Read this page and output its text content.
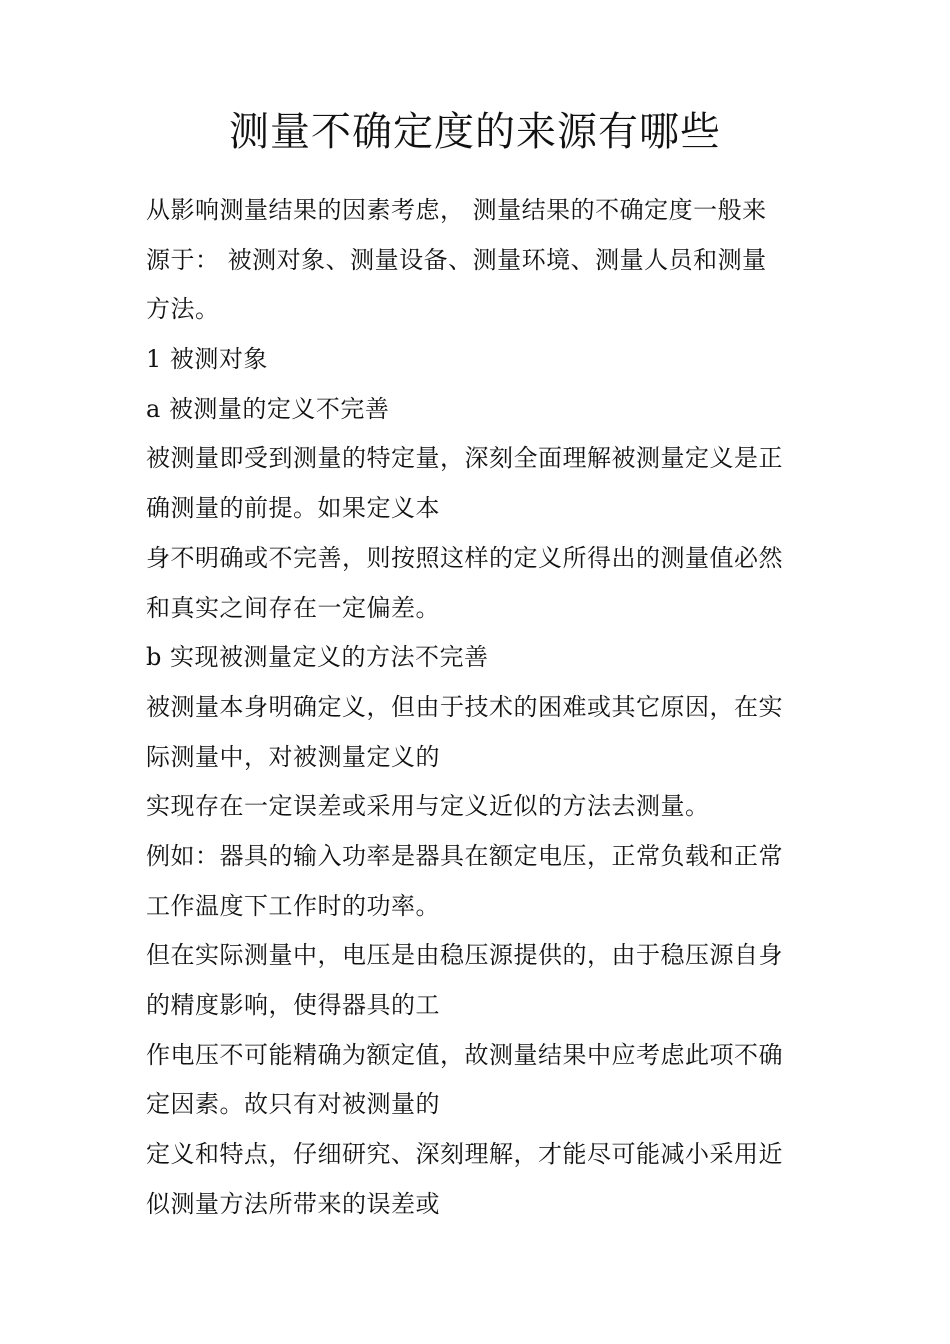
测量不确定度的来源有哪些
从影响测量结果的因素考虑， 测量结果的不确定度一般来
源于： 被测对象、测量设备、测量环境、测量人员和测量
方法。
1 被测对象
a 被测量的定义不完善
被测量即受到测量的特定量，深刻全面理解被测量定义是正
确测量的前提。如果定义本
身不明确或不完善，则按照这样的定义所得出的测量值必然
和真实之间存在一定偏差。
b 实现被测量定义的方法不完善
被测量本身明确定义，但由于技术的困难或其它原因，在实
际测量中，对被测量定义的
实现存在一定误差或采用与定义近似的方法去测量。
例如：器具的输入功率是器具在额定电压，正常负载和正常
工作温度下工作时的功率。
但在实际测量中，电压是由稳压源提供的，由于稳压源自身
的精度影响，使得器具的工
作电压不可能精确为额定值，故测量结果中应考虑此项不确
定因素。故只有对被测量的
定义和特点，仔细研究、深刻理解，才能尽可能减小采用近
似测量方法所带来的误差或
